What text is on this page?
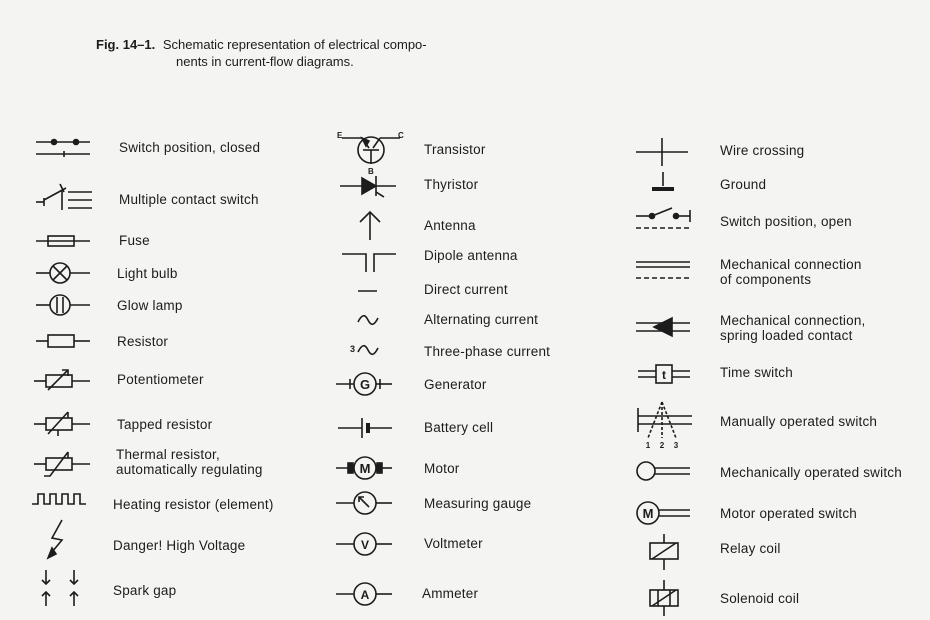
Fig. 14–1. Schematic representation of electrical compo-
nents in current-flow diagrams.
Switch position, closed
Multiple contact switch
Fuse
Light bulb
Glow lamp
Resistor
Potentiometer
Tapped resistor
Thermal resistor,
automatically regulating
Heating resistor (element)
Danger! High Voltage
Spark gap
E	C
B
Transistor
Thyristor
Antenna
Dipole antenna
Direct current
Alternating current
3	Three-phase current
G	Generator
Battery cell
M	Motor
Measuring gauge
V	Voltmeter
A	Ammeter
Wire crossing
Ground
Switch position, open
Mechanical connection
of components
Mechanical connection,
spring loaded contact
t	Time switch
1 2 3
Manually operated switch
Mechanically operated switch
M	Motor operated switch
Relay coil
Solenoid coil
